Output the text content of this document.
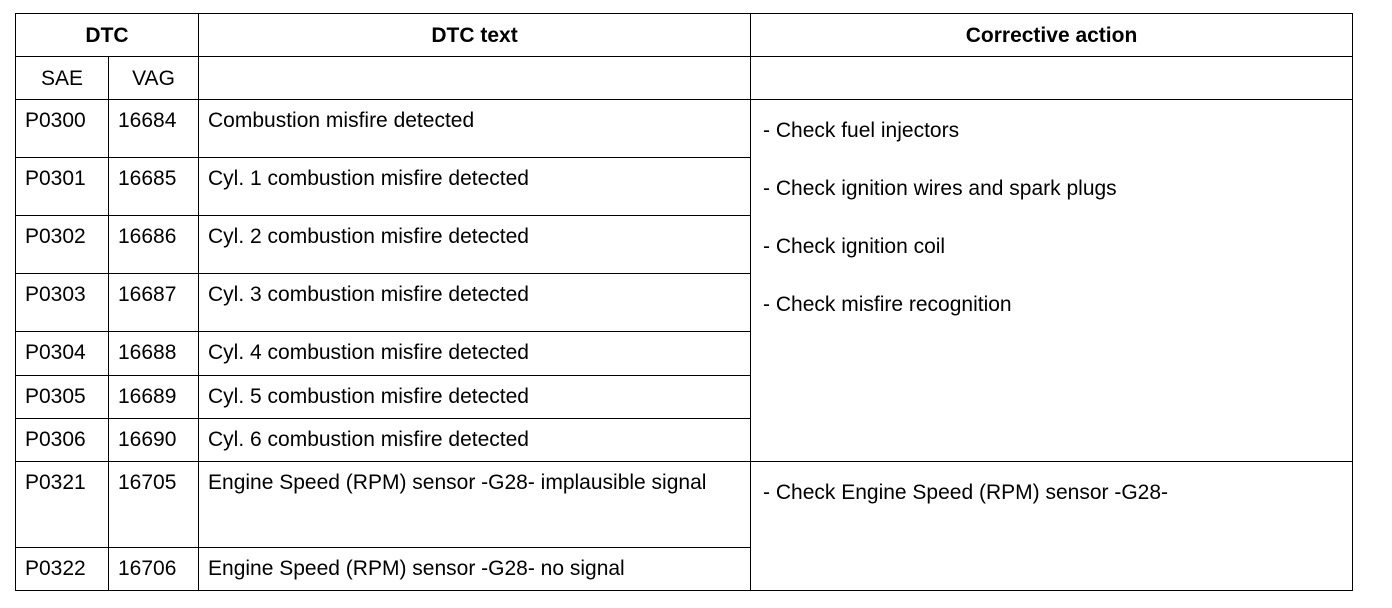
DTC		DTC text	Corrective action
SAE	VAG		
P0300	16684	Combustion misfire detected	- Check fuel injectors
- Check ignition wires and spark plugs
- Check ignition coil
- Check misfire recognition

P0301	16685	Cyl. 1 combustion misfire detected	
P0302	16686	Cyl. 2 combustion misfire detected	
P0303	16687	Cyl. 3 combustion misfire detected	
P0304	16688	Cyl. 4 combustion misfire detected	
P0305	16689	Cyl. 5 combustion misfire detected	
P0306	16690	Cyl. 6 combustion misfire detected	
P0321	16705	Engine Speed (RPM) sensor -G28- implausible signal	- Check Engine Speed (RPM) sensor -G28-

P0322	16706	Engine Speed (RPM) sensor -G28- no signal	
